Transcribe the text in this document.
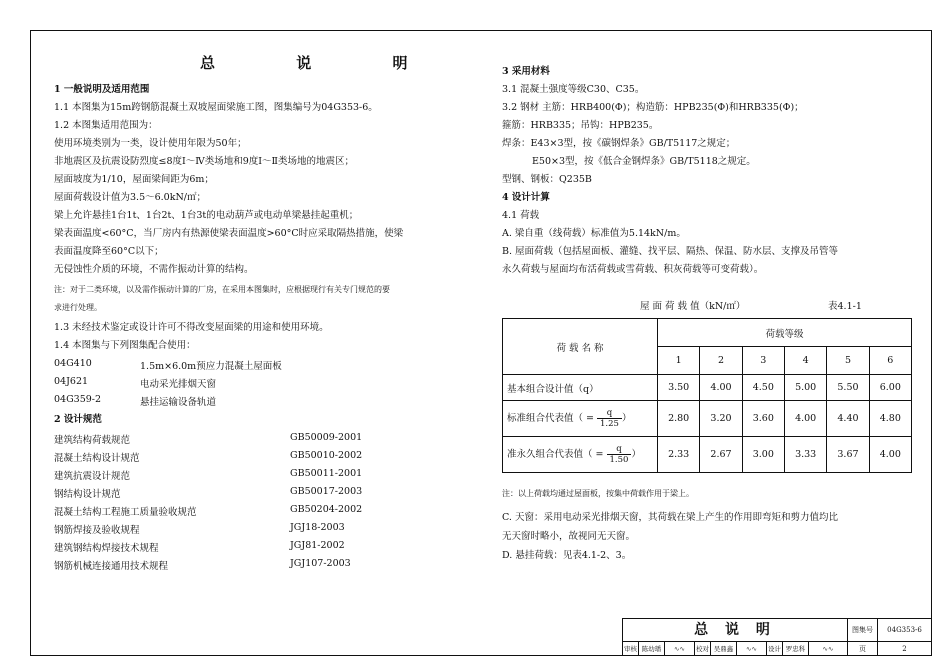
总 说 明
1 一般说明及适用范围
1.1 本图集为15m跨钢筋混凝土双坡屋面梁施工图，图集编号为04G353-6。
1.2 本图集适用范围为：
使用环境类别为一类，设计使用年限为50年；
非地震区及抗震设防烈度≤8度Ⅰ～Ⅳ类场地和9度Ⅰ～Ⅱ类场地的地震区；
屋面坡度为1/10，屋面梁间距为6m；
屋面荷载设计值为3.5～6.0kN/㎡；
梁上允许悬挂1台1t、1台2t、1台3t的电动葫芦或电动单梁悬挂起重机；
梁表面温度<60°C，当厂房内有热源使梁表面温度>60°C时应采取隔热措施，使梁
表面温度降至60°C以下；
无侵蚀性介质的环境，不需作振动计算的结构。
注：对于二类环境，以及需作振动计算的厂房，在采用本图集时，应根据现行有关专门规范的要
求进行处理。
1.3 未经技术鉴定或设计许可不得改变屋面梁的用途和使用环境。
1.4 本图集与下列图集配合使用：
04G410	1.5m×6.0m预应力混凝土屋面板
04J621	电动采光排烟天窗
04G359-2	悬挂运输设备轨道
2 设计规范
建筑结构荷载规范	GB50009-2001
混凝土结构设计规范	GB50010-2002
建筑抗震设计规范	GB50011-2001
钢结构设计规范	GB50017-2003
混凝土结构工程施工质量验收规范	GB50204-2002
钢筋焊接及验收规程	JGJ18-2003
建筑钢结构焊接技术规程	JGJ81-2002
钢筋机械连接通用技术规程	JGJ107-2003
3 采用材料
3.1 混凝土强度等级C30、C35。
3.2 钢材 主筋：HRB400(Φ)；构造筋：HPB235(Φ)和HRB335(Φ)；
箍筋：HRB335；吊钩：HPB235。
焊条：E43×3型，按《碳钢焊条》GB/T5117之规定；
E50×3型，按《低合金钢焊条》GB/T5118之规定。
型钢、钢板：Q235B
4 设计计算
4.1 荷载
A. 梁自重（线荷载）标准值为5.14kN/m。
B. 屋面荷载（包括屋面板、灌缝、找平层、隔热、保温、防水层、支撑及吊管等
永久荷载与屋面均布活荷载或雪荷载、积灰荷载等可变荷载）。
屋 面 荷 载 值（kN/㎡）	表4.1-1
荷 载 名 称	荷载等级					
	1	2	3	4	5	6
基本组合设计值（q）	3.50	4.00	4.50	5.00	5.50	6.00
标准组合代表值（ = $\frac{q}{1.25}$ ）	2.80	3.20	3.60	4.00	4.40	4.80
准永久组合代表值（ = $\frac{q}{1.50}$ ）	2.33	2.67	3.00	3.33	3.67	4.00
注：以上荷载均通过屋面板，按集中荷载作用于梁上。
C. 天窗：采用电动采光排烟天窗，其荷载在梁上产生的作用即弯矩和剪力值均比
无天窗时略小，故视同无天窗。
D. 悬挂荷载：见表4.1-2、3。
总 说 明	图集号	04G353-6
审核 陈幼璠	∿∿	校对 吴鼎鑫	∿∿	设计 罗忠科	∿∿	页	2
